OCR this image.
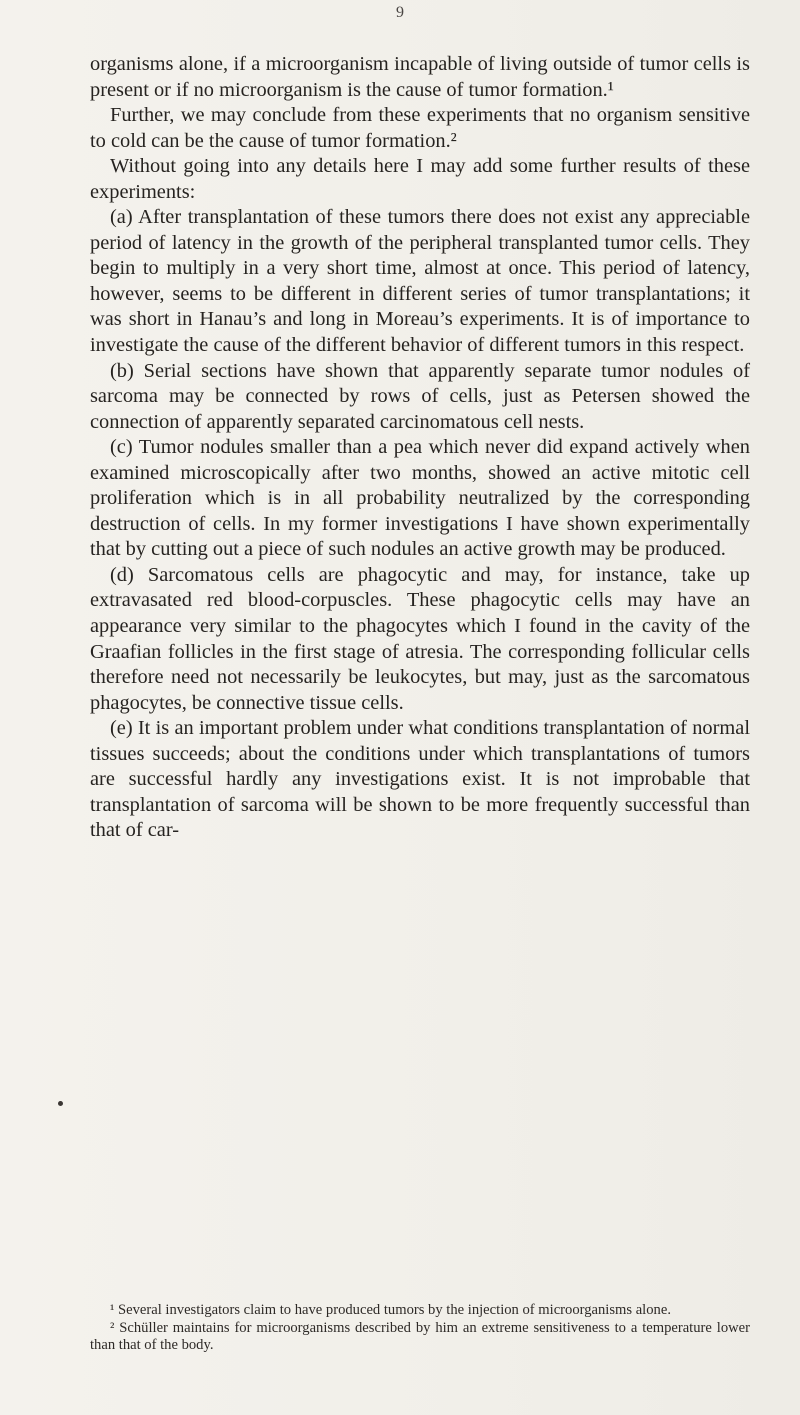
9

organisms alone, if a microorganism incapable of living outside of tumor cells is present or if no microorganism is the cause of tumor formation.¹

Further, we may conclude from these experiments that no organism sensitive to cold can be the cause of tumor formation.²

Without going into any details here I may add some further results of these experiments:

(a) After transplantation of these tumors there does not exist any appreciable period of latency in the growth of the peripheral transplanted tumor cells. They begin to multiply in a very short time, almost at once. This period of latency, however, seems to be different in different series of tumor transplantations; it was short in Hanau’s and long in Moreau’s experiments. It is of importance to investigate the cause of the different behavior of different tumors in this respect.

(b) Serial sections have shown that apparently separate tumor nodules of sarcoma may be connected by rows of cells, just as Petersen showed the connection of apparently separated carcinomatous cell nests.

(c) Tumor nodules smaller than a pea which never did expand actively when examined microscopically after two months, showed an active mitotic cell proliferation which is in all probability neutralized by the corresponding destruction of cells. In my former investigations I have shown experimentally that by cutting out a piece of such nodules an active growth may be produced.

(d) Sarcomatous cells are phagocytic and may, for instance, take up extravasated red blood-corpuscles. These phagocytic cells may have an appearance very similar to the phagocytes which I found in the cavity of the Graafian follicles in the first stage of atresia. The corresponding follicular cells therefore need not necessarily be leukocytes, but may, just as the sarcomatous phagocytes, be connective tissue cells.

(e) It is an important problem under what conditions transplantation of normal tissues succeeds; about the conditions under which transplantations of tumors are successful hardly any investigations exist. It is not improbable that transplantation of sarcoma will be shown to be more frequently successful than that of car-

¹ Several investigators claim to have produced tumors by the injection of microorganisms alone.

² Schüller maintains for microorganisms described by him an extreme sensitiveness to a temperature lower than that of the body.
